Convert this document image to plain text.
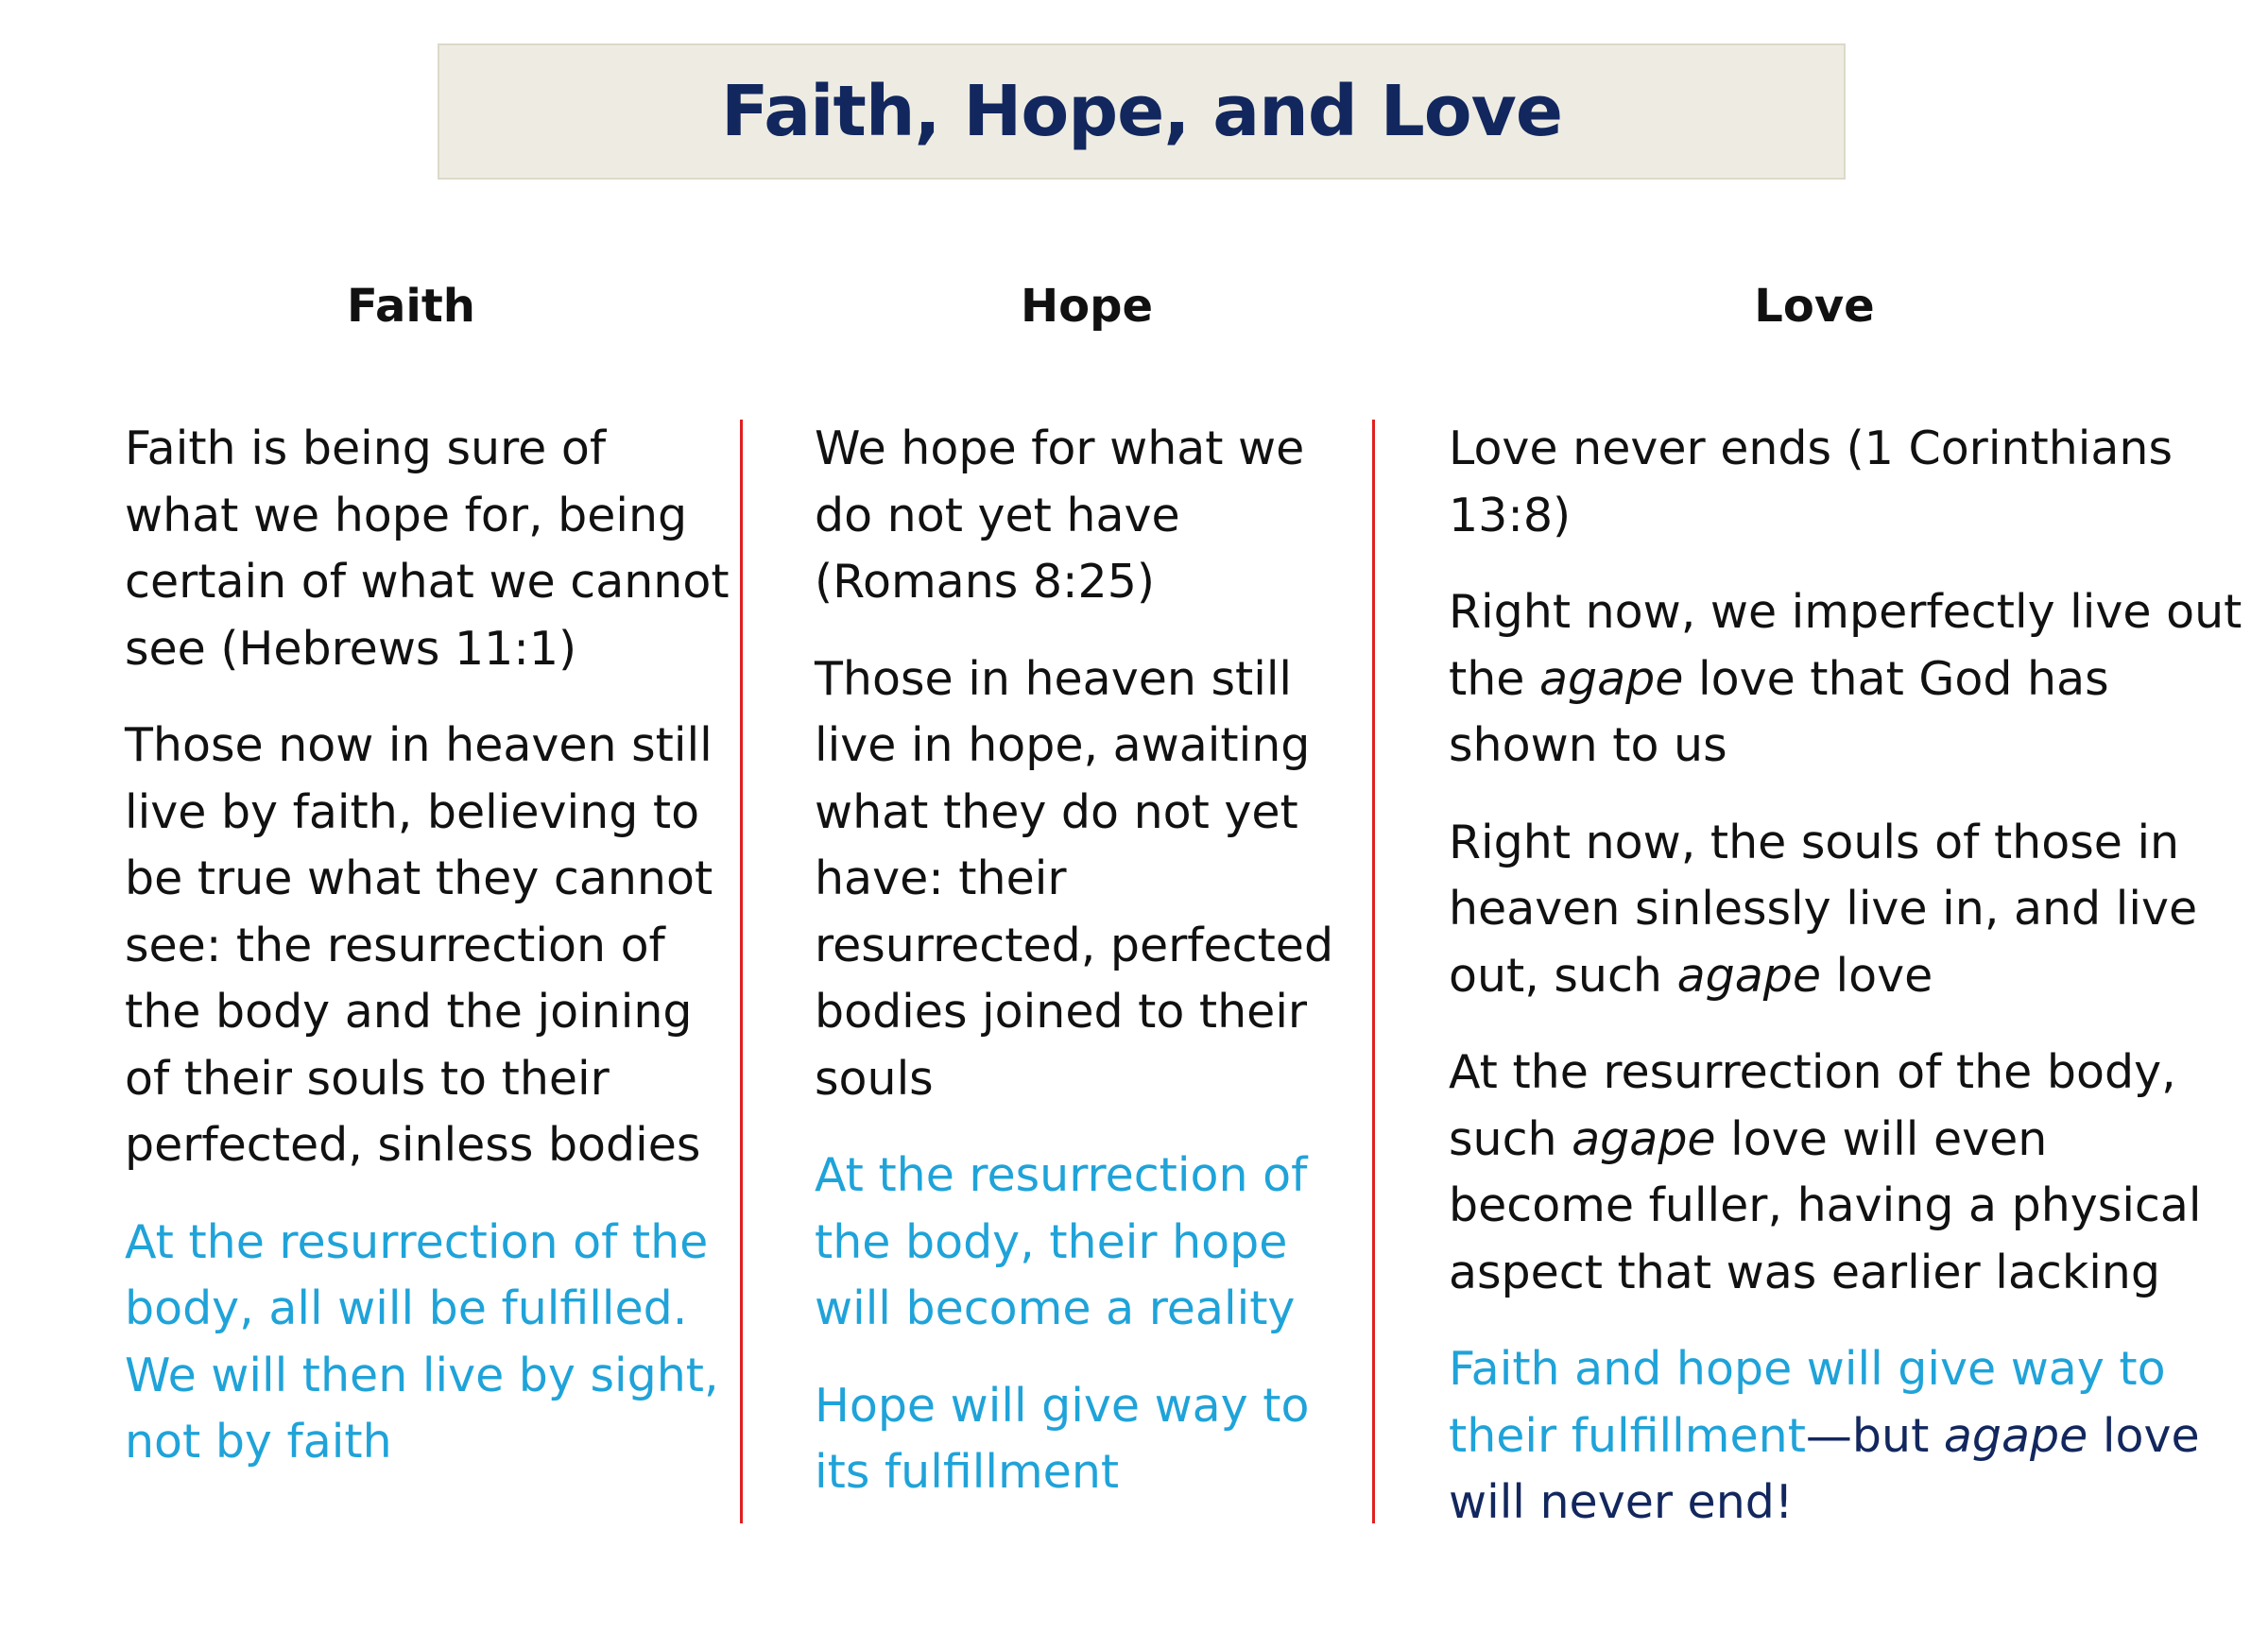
Faith, Hope, and Love
Faith	Hope	Love

Faith is being sure of what we hope for, being certain of what we cannot see (Hebrews 11:1)

Those now in heaven still live by faith, believing to be true what they cannot see: the resurrection of the body and the joining of their souls to their perfected, sinless bodies

At the resurrection of the body, all will be fulfilled. We will then live by sight, not by faith

We hope for what we do not yet have (Romans 8:25)

Those in heaven still live in hope, awaiting what they do not yet have: their resurrected, perfected bodies joined to their souls

At the resurrection of the body, their hope will become a reality

Hope will give way to its fulfillment

Love never ends (1 Corinthians 13:8)

Right now, we imperfectly live out the agape love that God has shown to us

Right now, the souls of those in heaven sinlessly live in, and live out, such agape love

At the resurrection of the body, such agape love will even become fuller, having a physical aspect that was earlier lacking

Faith and hope will give way to their fulfillment—but agape love will never end!
